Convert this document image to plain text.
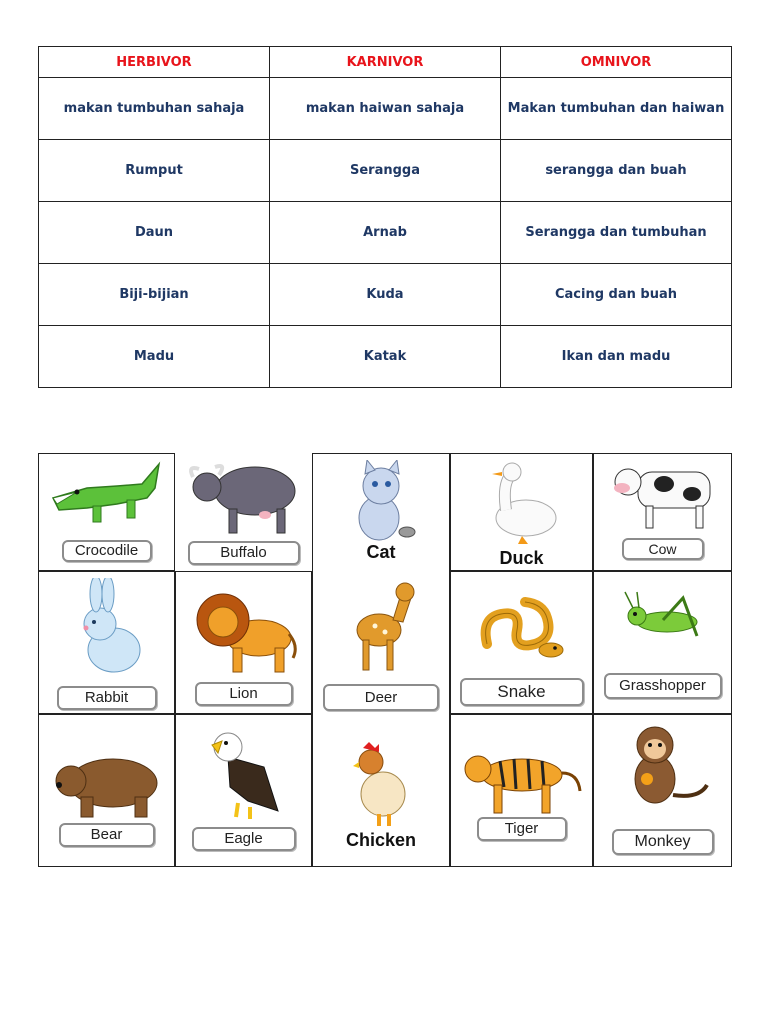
HERBIVOR	KARNIVOR	OMNIVOR
makan tumbuhan sahaja	makan haiwan sahaja	Makan tumbuhan dan haiwan
Rumput	Serangga	serangga dan buah
Daun	Arnab	Serangga dan tumbuhan
Biji-bijian	Kuda	Cacing dan buah
Madu	Katak	Ikan dan madu
Crocodile
Rabbit
Bear
Buffalo
Lion
Eagle
Cat
Deer
Chicken
Duck
Snake
Tiger
Cow
Grasshopper
Monkey
